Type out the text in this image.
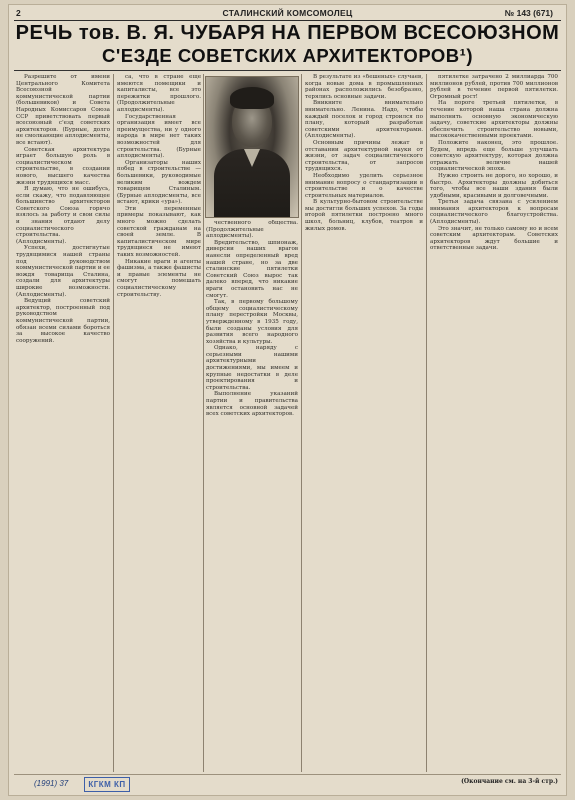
2	СТАЛИНСКИЙ КОМСОМОЛЕЦ	№ 143 (671)
РЕЧЬ тов. В. Я. ЧУБАРЯ НА ПЕРВОМ ВСЕСОЮЗНОМ
С'ЕЗДЕ СОВЕТСКИХ АРХИТЕКТОРОВ¹)

Разрешите от имени Центрального Комитета Всесоюзной коммунистической партии (большевиков) и Совета Народных Комиссаров Союза ССР приветствовать первый всесоюзный с'езд советских архитекторов. (Бурные, долго не смолкающие аплодисменты, все встают).

Советская архитектура играет большую роль в социалистическом строительстве, в создании нового, высшего качества жизни трудящихся масс.

Я думаю, что не ошибусь, если скажу, что подавляющее большинство архитекторов Советского Союза горячо взялось за работу и свои силы и знания отдают делу социалистического строительства. (Аплодисменты).

Успехи, достигнутые трудящимися нашей страны под руководством коммунистической партии и ее вождя товарища Сталина, создали для архитектуры широкие возможности. (Аплодисменты).

Ведущий советский архитектор, построенный под руководством коммунистической партии, обязан всеми силами бороться за высокое качество сооружений.

са, что в стране еще имеются помещики и капиталисты, все это пережитки прошлого. (Продолжительные аплодисменты).

Государственная организация имеет все преимущества, ни у одного народа в мире нет таких возможностей для строительства. (Бурные аплодисменты).

Организаторы наших побед в строительстве — большевики, руководимые великим вождем товарищем Сталиным. (Бурные аплодисменты, все встают, крики «ура»).

Эти переменные примеры показывают, как много можно сделать советской гражданам на своей земле. В капиталистическом мире трудящиеся не имеют таких возможностей.

Никакие враги и агенты фашизма, а также фашисты и правые элементы не смогут помешать социалистическому строительству.

чественного общества. (Продолжительные аплодисменты).

Вредительство, шпионаж, диверсии наших врагов нанесли определенный вред нашей стране, но за две сталинские пятилетки Советский Союз вырос так далеко вперед, что никакие враги остановить нас не смогут.

Так, в первому большому общему социалистическому плану перестройки Москвы, утвержденному в 1935 году, были созданы условия для развития всего народного хозяйства и культуры.

Однако, наряду с серьезными нашими архитектурными достижениями, мы имеем и крупные недостатки в деле проектирования и строительства.

Выполнение указаний партии и правительства является основной задачей всех советских архитекторов.

В результате из «бешеных» случаев, когда новые дома в промышленных районах расположились безобразно, терялись основные задачи.

Вникните внимательно внимательно. Ленина. Надо, чтобы каждый поселок и город строился по плану, который разработан советскими архитекторами. (Аплодисменты).

Основным причины лежат в отставании архитектурной науки от жизни, от задач социалистического строительства, от запросов трудящихся.

Необходимо уделить серьезное внимание вопросу о стандартизации в строительстве и о качестве строительных материалов.

В культурно-бытовом строительстве мы достигли больших успехов. За годы второй пятилетки построено много школ, больниц, клубов, театров и жилых домов.

пятилетке затрачено 2 миллиарда 700 миллионов рублей, против 700 миллионов рублей в течение первой пятилетки. Огромный рост!

На пороге третьей пятилетки, в течение которой наша страна должна выполнить основную экономическую задачу, советские архитекторы должны обеспечить строительство новыми, высококачественными проектами.

Положите наконец, это прошлое. Будем, впредь еще больше улучшать советскую архитектуру, которая должна отражать величие нашей социалистической эпохи.

Нужно строить не дорого, но хорошо, и быстро. Архитекторы должны добиться того, чтобы все наши здания были удобными, красивыми и долговечными.

Третья задача связана с усилением внимания архитекторов к вопросам социалистического благоустройства. (Аплодисменты).

Это значит, не только самому но и всем советским архитекторам. Советских архитекторов ждут большие и ответственные задачи.

(1991) 37	КГКМ КП	(Окончание см. на 3-й стр.)
